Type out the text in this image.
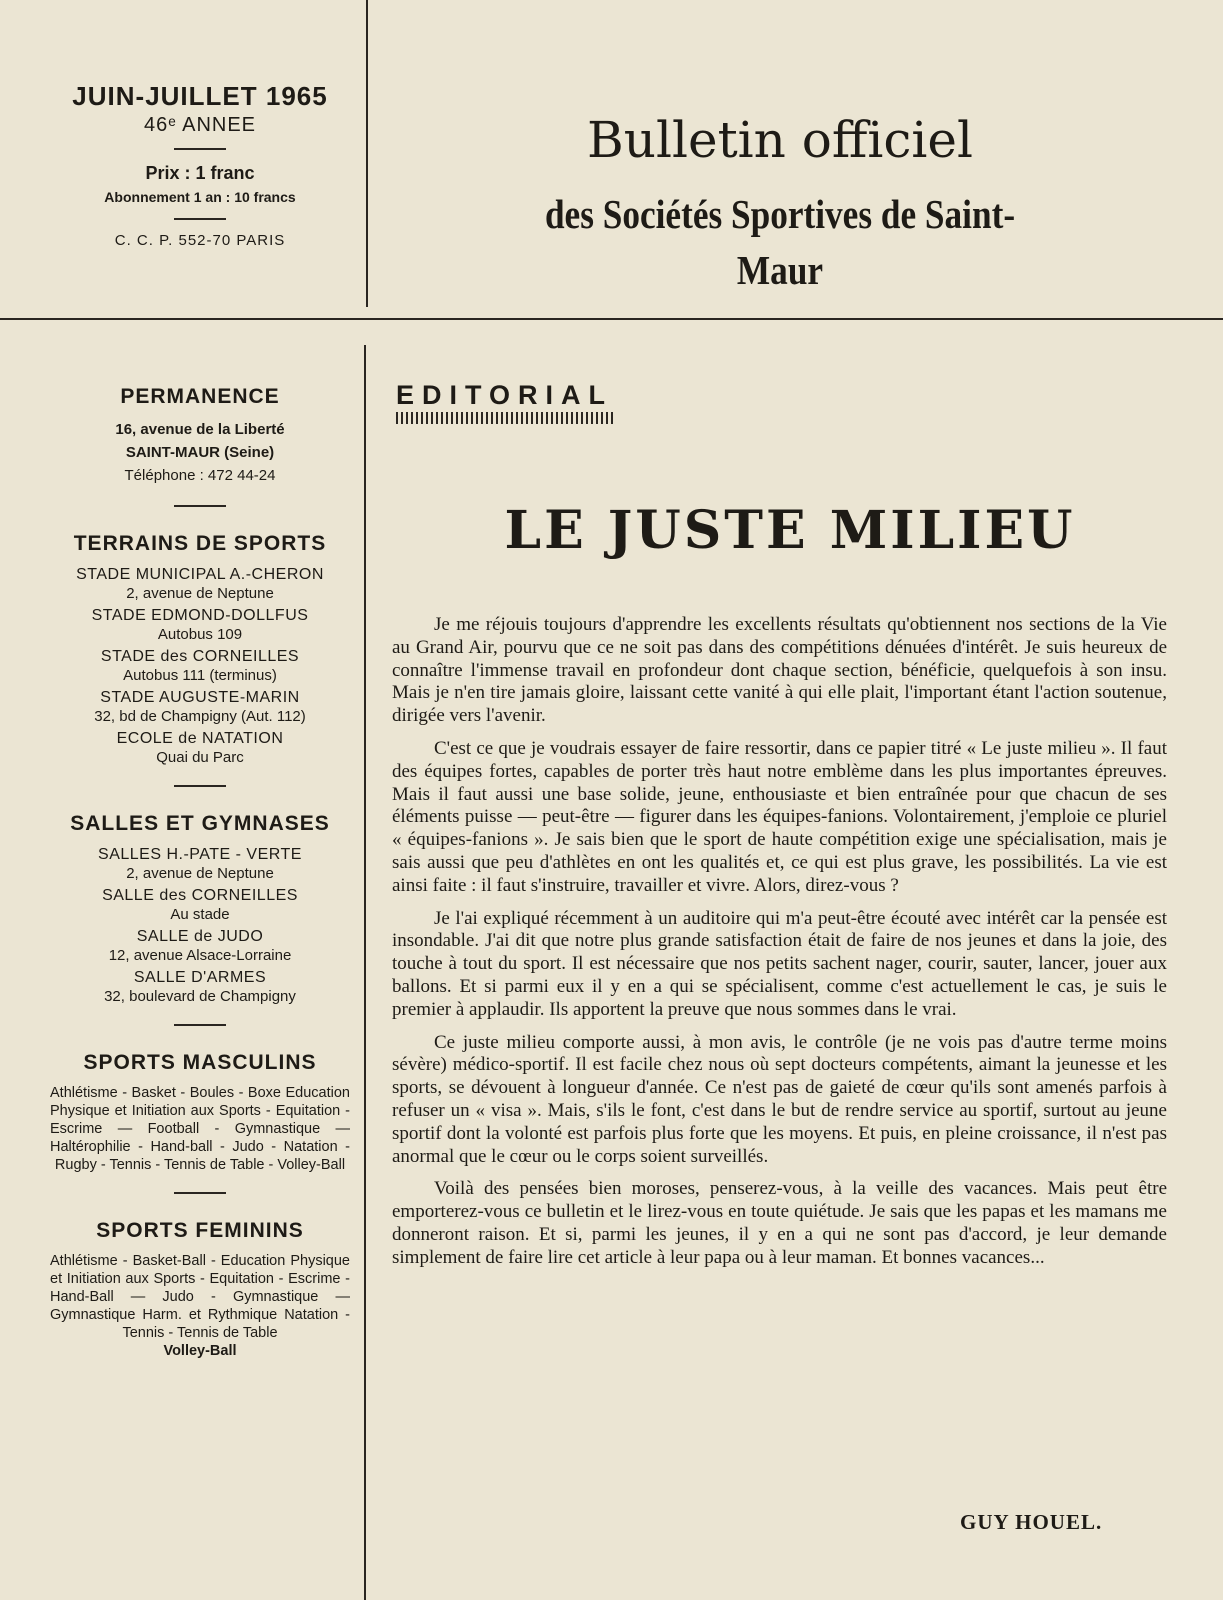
JUIN-JUILLET 1965
46ᵉ ANNEE
Prix : 1 franc
Abonnement 1 an : 10 francs
C. C. P. 552-70 PARIS
Bulletin officiel
des Sociétés Sportives de Saint-Maur
PERMANENCE
16, avenue de la Liberté
SAINT-MAUR (Seine)
Téléphone : 472 44-24
TERRAINS DE SPORTS
STADE MUNICIPAL A.-CHERON
2, avenue de Neptune
STADE EDMOND-DOLLFUS
Autobus 109
STADE des CORNEILLES
Autobus 111 (terminus)
STADE AUGUSTE-MARIN
32, bd de Champigny (Aut. 112)
ECOLE de NATATION
Quai du Parc
SALLES ET GYMNASES
SALLES H.-PATE - VERTE
2, avenue de Neptune
SALLE des CORNEILLES
Au stade
SALLE de JUDO
12, avenue Alsace-Lorraine
SALLE D'ARMES
32, boulevard de Champigny
SPORTS MASCULINS
Athlétisme - Basket - Boules - Boxe Education Physique et Initiation aux Sports - Equitation - Escrime — Football - Gymnastique — Haltérophilie - Hand-ball - Judo - Natation - Rugby - Tennis - Tennis de Table - Volley-Ball
SPORTS FEMININS
Athlétisme - Basket-Ball - Education Physique et Initiation aux Sports - Equitation - Escrime - Hand-Ball — Judo - Gymnastique — Gymnastique Harm. et Rythmique Natation - Tennis - Tennis de Table
Volley-Ball
EDITORIAL
LE JUSTE MILIEU

Je me réjouis toujours d'apprendre les excellents résultats qu'obtiennent nos sections de la Vie au Grand Air, pourvu que ce ne soit pas dans des compétitions dénuées d'intérêt. Je suis heureux de connaître l'immense travail en profondeur dont chaque section, bénéficie, quelquefois à son insu. Mais je n'en tire jamais gloire, laissant cette vanité à qui elle plait, l'important étant l'action soutenue, dirigée vers l'avenir.

C'est ce que je voudrais essayer de faire ressortir, dans ce papier titré « Le juste milieu ». Il faut des équipes fortes, capables de porter très haut notre emblème dans les plus importantes épreuves. Mais il faut aussi une base solide, jeune, enthousiaste et bien entraînée pour que chacun de ses éléments puisse — peut-être — figurer dans les équipes-fanions. Volontairement, j'emploie ce pluriel « équipes-fanions ». Je sais bien que le sport de haute compétition exige une spécialisation, mais je sais aussi que peu d'athlètes en ont les qualités et, ce qui est plus grave, les possibilités. La vie est ainsi faite : il faut s'instruire, travailler et vivre. Alors, direz-vous ?

Je l'ai expliqué récemment à un auditoire qui m'a peut-être écouté avec intérêt car la pensée est insondable. J'ai dit que notre plus grande satisfaction était de faire de nos jeunes et dans la joie, des touche à tout du sport. Il est nécessaire que nos petits sachent nager, courir, sauter, lancer, jouer aux ballons. Et si parmi eux il y en a qui se spécialisent, comme c'est actuellement le cas, je suis le premier à applaudir. Ils apportent la preuve que nous sommes dans le vrai.

Ce juste milieu comporte aussi, à mon avis, le contrôle (je ne vois pas d'autre terme moins sévère) médico-sportif. Il est facile chez nous où sept docteurs compétents, aimant la jeunesse et les sports, se dévouent à longueur d'année. Ce n'est pas de gaieté de cœur qu'ils sont amenés parfois à refuser un « visa ». Mais, s'ils le font, c'est dans le but de rendre service au sportif, surtout au jeune sportif dont la volonté est parfois plus forte que les moyens. Et puis, en pleine croissance, il n'est pas anormal que le cœur ou le corps soient surveillés.

Voilà des pensées bien moroses, penserez-vous, à la veille des vacances. Mais peut être emporterez-vous ce bulletin et le lirez-vous en toute quiétude. Je sais que les papas et les mamans me donneront raison. Et si, parmi les jeunes, il y en a qui ne sont pas d'accord, je leur demande simplement de faire lire cet article à leur papa ou à leur maman. Et bonnes vacances...

GUY HOUEL.
